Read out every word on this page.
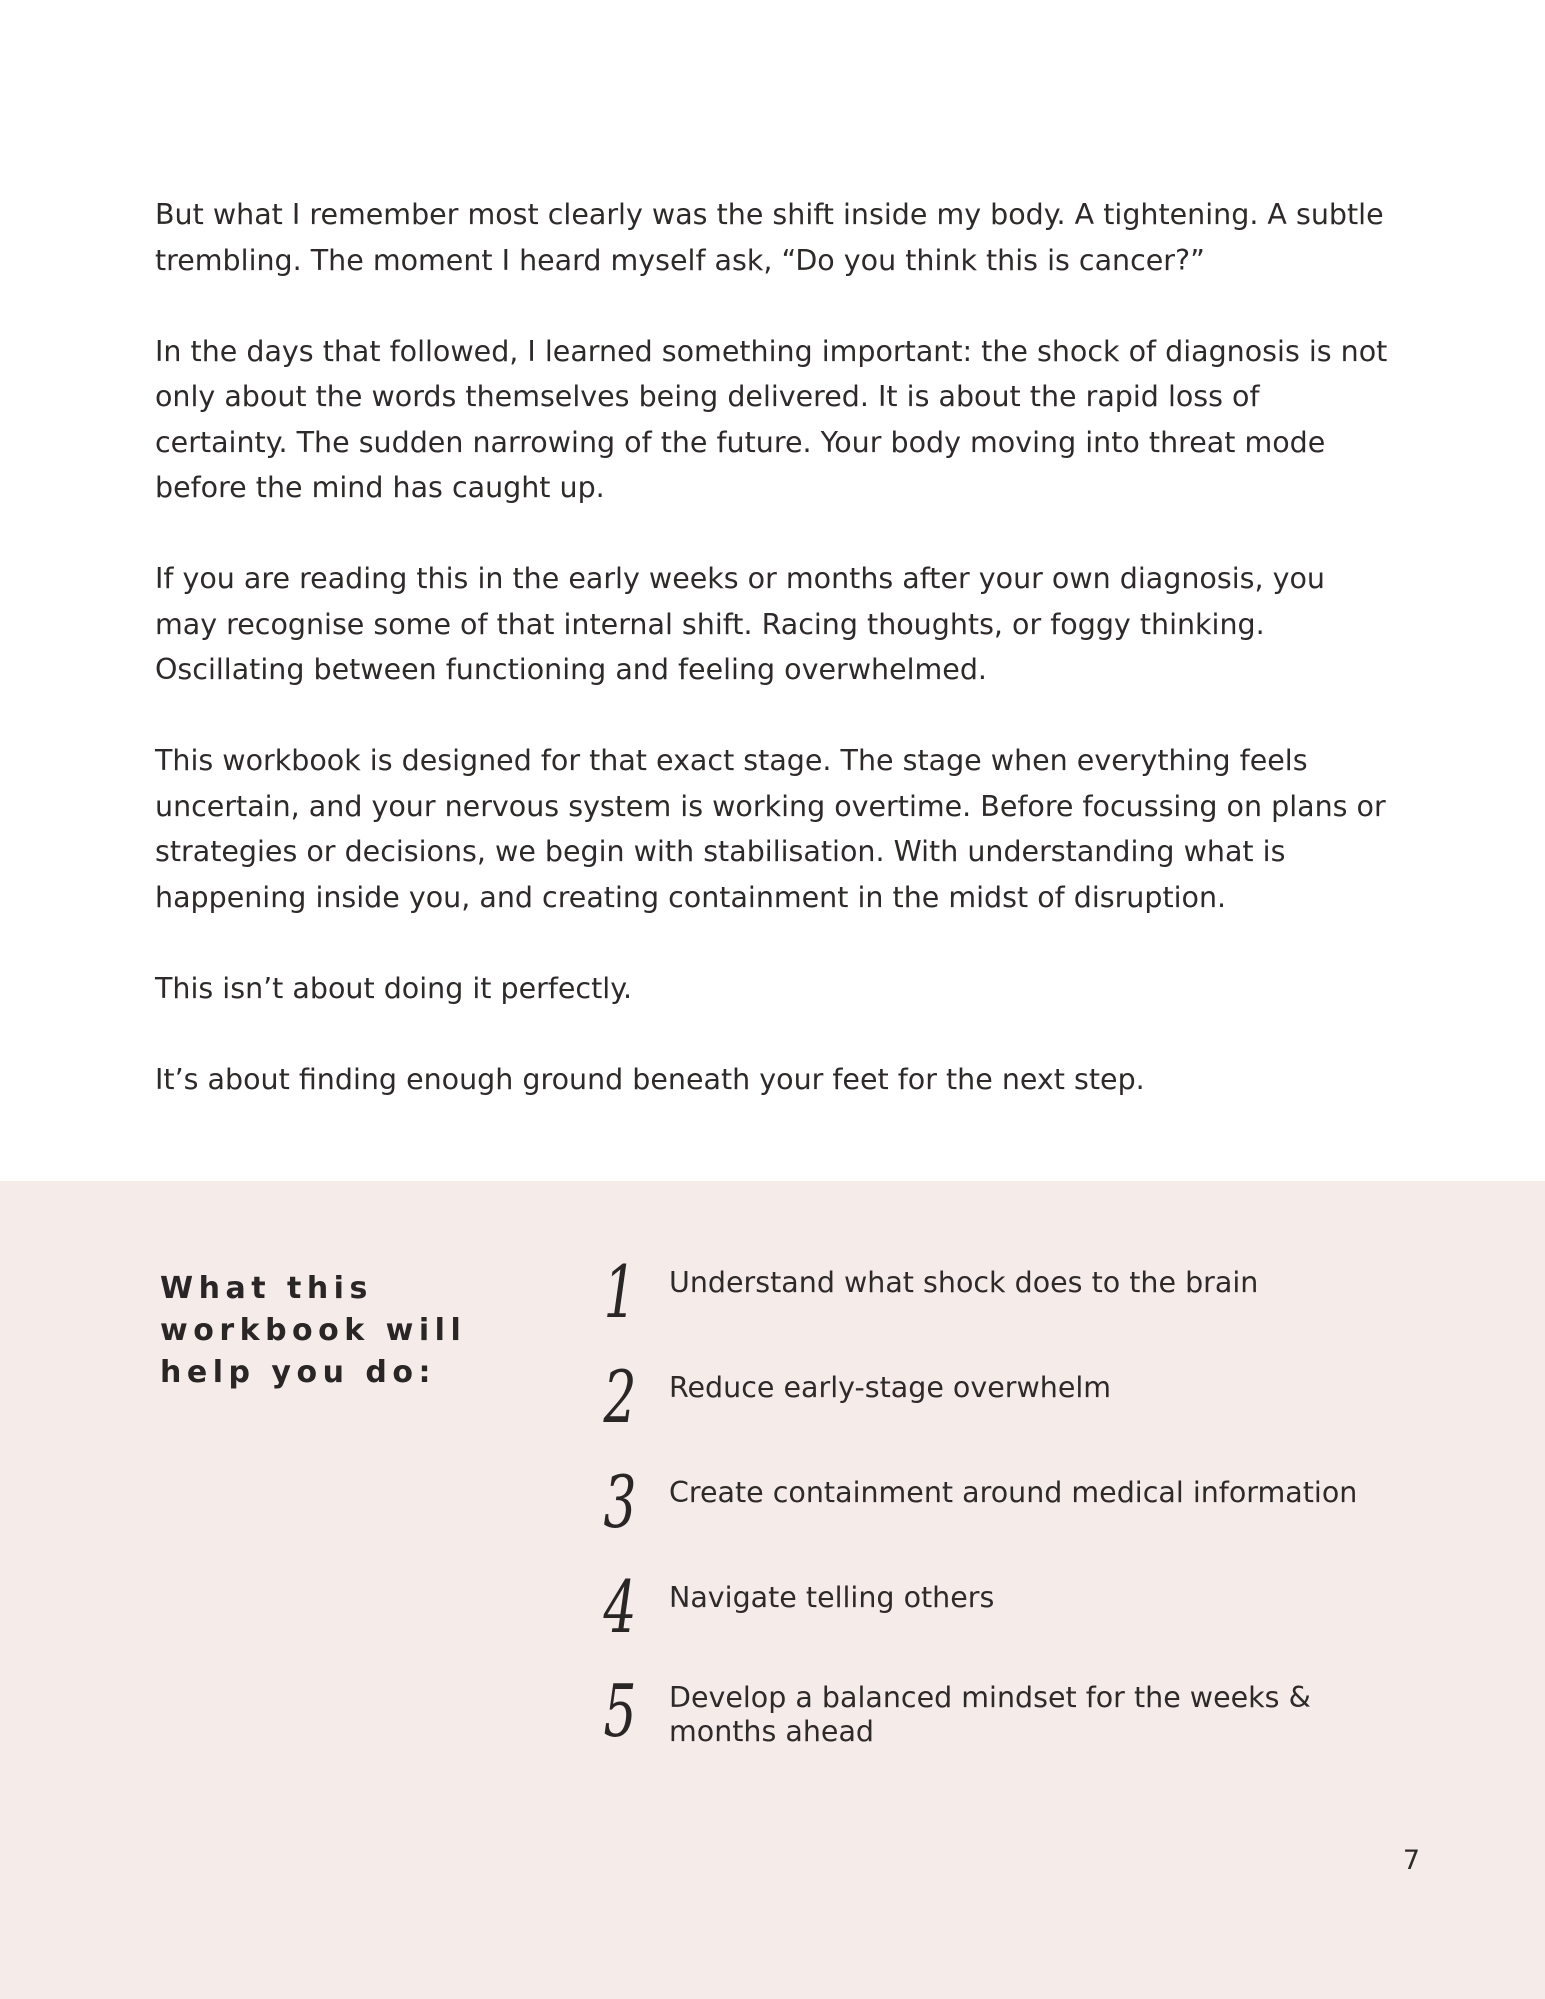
But what I remember most clearly was the shift inside my body. A tightening. A subtle trembling. The moment I heard myself ask, “Do you think this is cancer?”

In the days that followed, I learned something important: the shock of diagnosis is not only about the words themselves being delivered. It is about the rapid loss of certainty. The sudden narrowing of the future. Your body moving into threat mode before the mind has caught up.

If you are reading this in the early weeks or months after your own diagnosis, you may recognise some of that internal shift. Racing thoughts, or foggy thinking. Oscillating between functioning and feeling overwhelmed.

This workbook is designed for that exact stage. The stage when everything feels uncertain, and your nervous system is working overtime. Before focussing on plans or strategies or decisions, we begin with stabilisation. With understanding what is happening inside you, and creating containment in the midst of disruption.

This isn’t about doing it perfectly.

It’s about finding enough ground beneath your feet for the next step.

What this workbook will help you do:
1 Understand what shock does to the brain
2 Reduce early-stage overwhelm
3 Create containment around medical information
4 Navigate telling others
5 Develop a balanced mindset for the weeks & months ahead
7
